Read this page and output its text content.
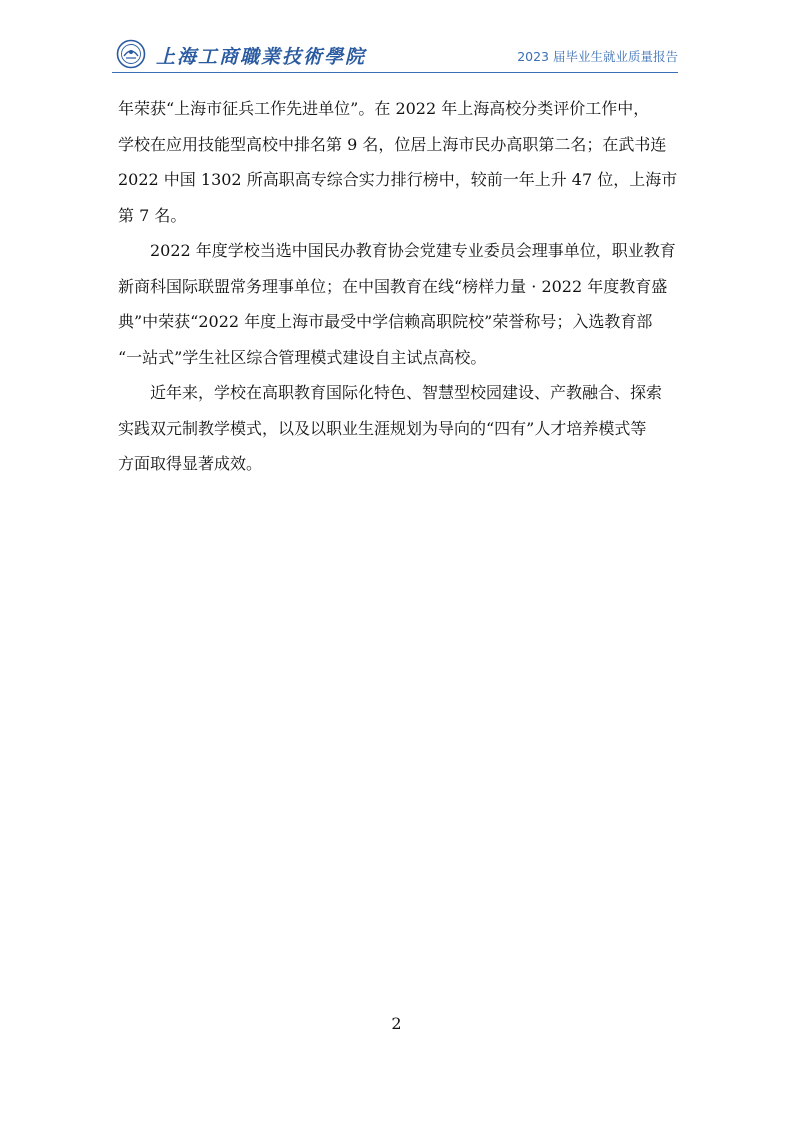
上海工商職業技術學院	2023 届毕业生就业质量报告

年荣获“上海市征兵工作先进单位”。在 2022 年上海高校分类评价工作中，
学校在应用技能型高校中排名第 9 名，位居上海市民办高职第二名；在武书连
2022 中国 1302 所高职高专综合实力排行榜中，较前一年上升 47 位，上海市
第 7 名。

　　2022 年度学校当选中国民办教育协会党建专业委员会理事单位，职业教育
新商科国际联盟常务理事单位；在中国教育在线“榜样力量 · 2022 年度教育盛
典”中荣获“2022 年度上海市最受中学信赖高职院校”荣誉称号；入选教育部
“一站式”学生社区综合管理模式建设自主试点高校。

　　近年来，学校在高职教育国际化特色、智慧型校园建设、产教融合、探索
实践双元制教学模式，以及以职业生涯规划为导向的“四有”人才培养模式等
方面取得显著成效。

2
